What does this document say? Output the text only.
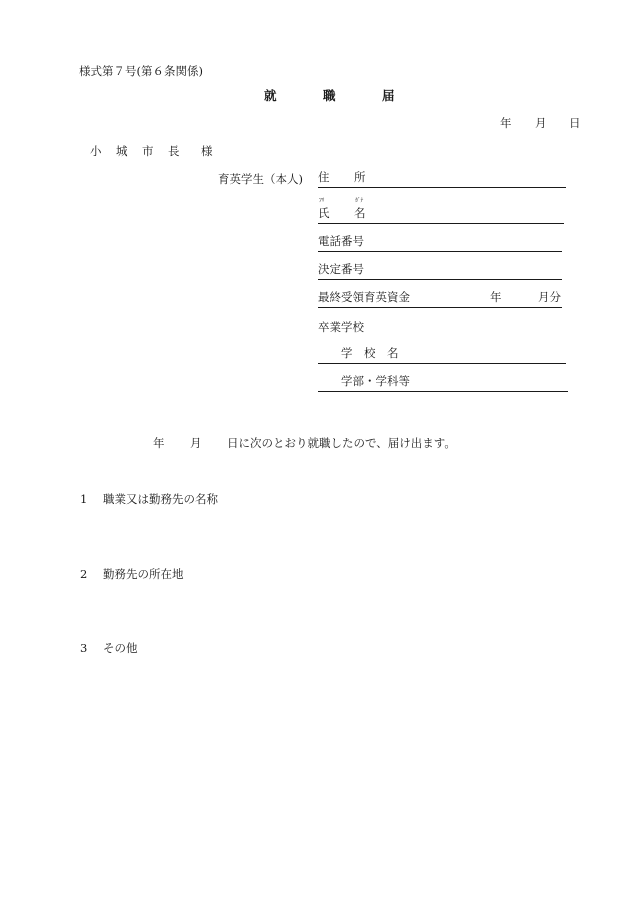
様式第７号(第６条関係)
就	職	届
年 月 日
小 城 市 長 様
育英学生（本人) 住 所
ﾌﾘ	ｶﾞﾅ
氏 名
電話番号
決定番号
最終受領育英資金	年	月分
卒業学校
学 校 名
学部・学科等
年 月 日に次のとおり就職したので、届け出ます。
1 職業又は勤務先の名称
2 勤務先の所在地
3 その他
